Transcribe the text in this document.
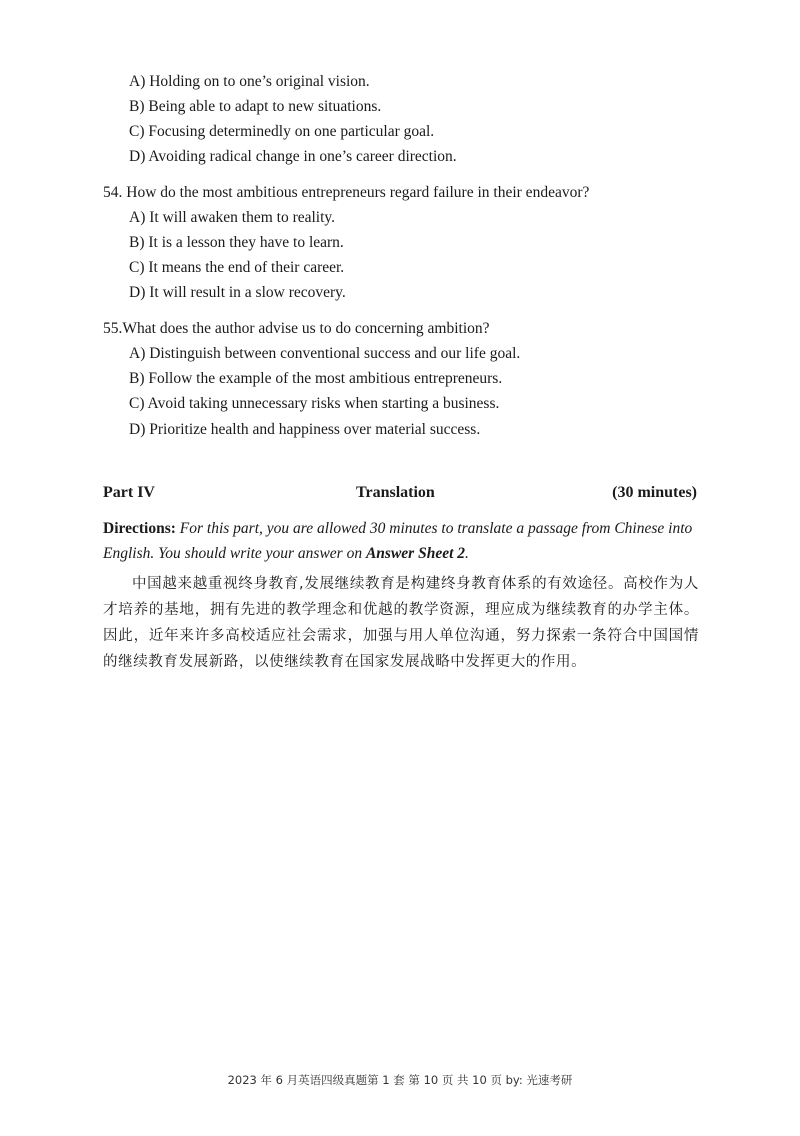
A) Holding on to one’s original vision.
B) Being able to adapt to new situations.
C) Focusing determinedly on one particular goal.
D) Avoiding radical change in one’s career direction.
54. How do the most ambitious entrepreneurs regard failure in their endeavor?
A) It will awaken them to reality.
B) It is a lesson they have to learn.
C) It means the end of their career.
D) It will result in a slow recovery.
55.What does the author advise us to do concerning ambition?
A) Distinguish between conventional success and our life goal.
B) Follow the example of the most ambitious entrepreneurs.
C) Avoid taking unnecessary risks when starting a business.
D) Prioritize health and happiness over material success.
Part IV	Translation	(30 minutes)
Directions: For this part, you are allowed 30 minutes to translate a passage from Chinese into English. You should write your answer on Answer Sheet 2.
中国越来越重视终身教育,发展继续教育是构建终身教育体系的有效途径。高校作为人才培养的基地，拥有先进的教学理念和优越的教学资源，理应成为继续教育的办学主体。因此，近年来许多高校适应社会需求，加强与用人单位沟通，努力探索一条符合中国国情的继续教育发展新路，以使继续教育在国家发展战略中发挥更大的作用。
2023 年 6 月英语四级真题第 1 套 第 10 页 共 10 页 by: 光速考研
